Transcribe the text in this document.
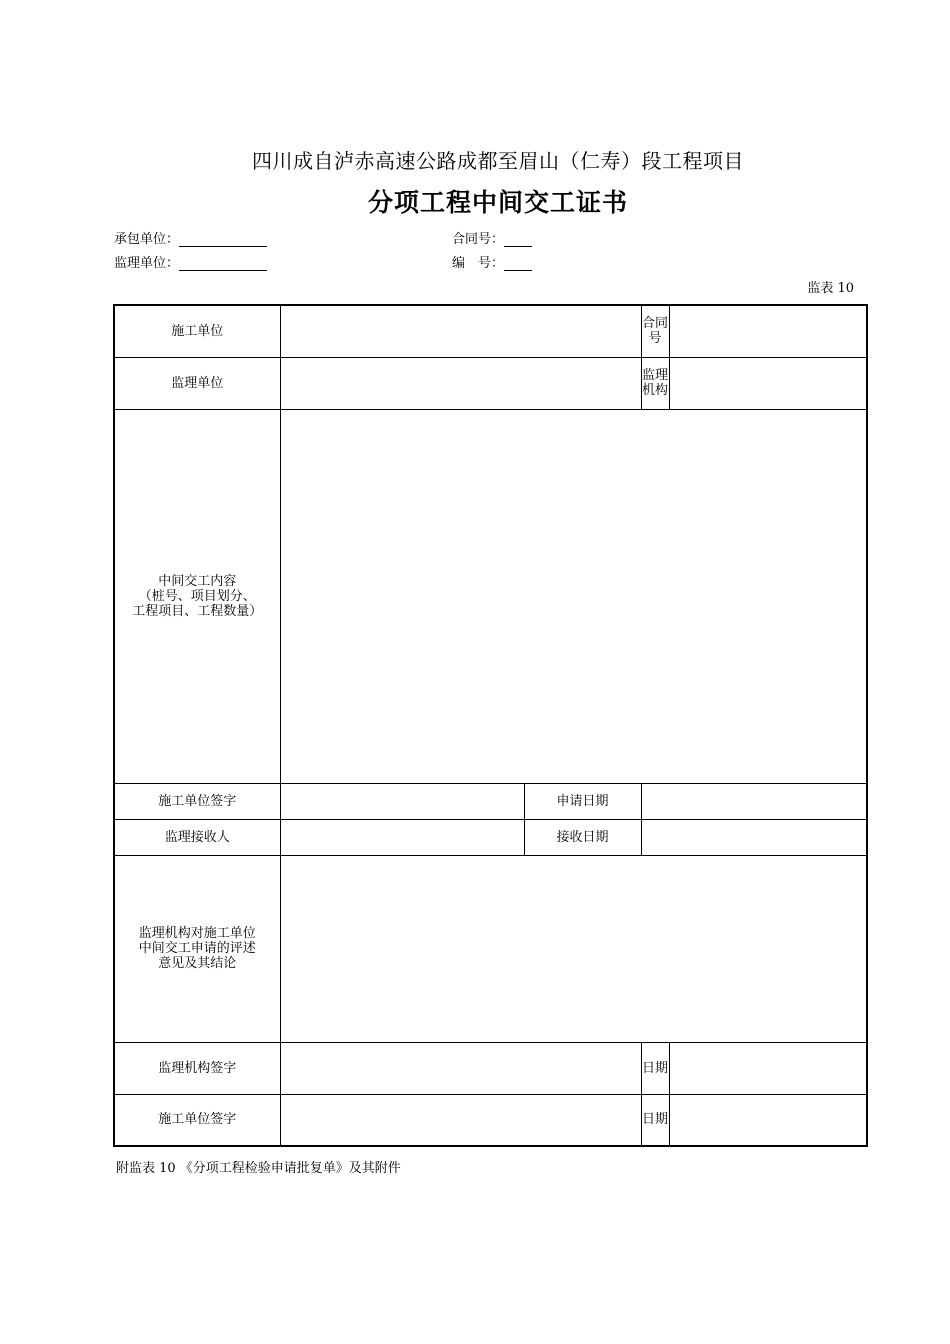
四川成自泸赤高速公路成都至眉山（仁寿）段工程项目
分项工程中间交工证书
承包单位：	合同号：
监理单位：	编　号：
监表 10
施工单位			合同号	
监理单位			监理机构	

中间交工内容
（桩号、项目划分、
工程项目、工程数量）				

施工单位签字		申请日期		
监理接收人		接收日期		

监理机构对施工单位
中间交工申请的评述
意见及其结论				

监理机构签字			日期	
施工单位签字			日期	
附监表 10 《分项工程检验申请批复单》及其附件
